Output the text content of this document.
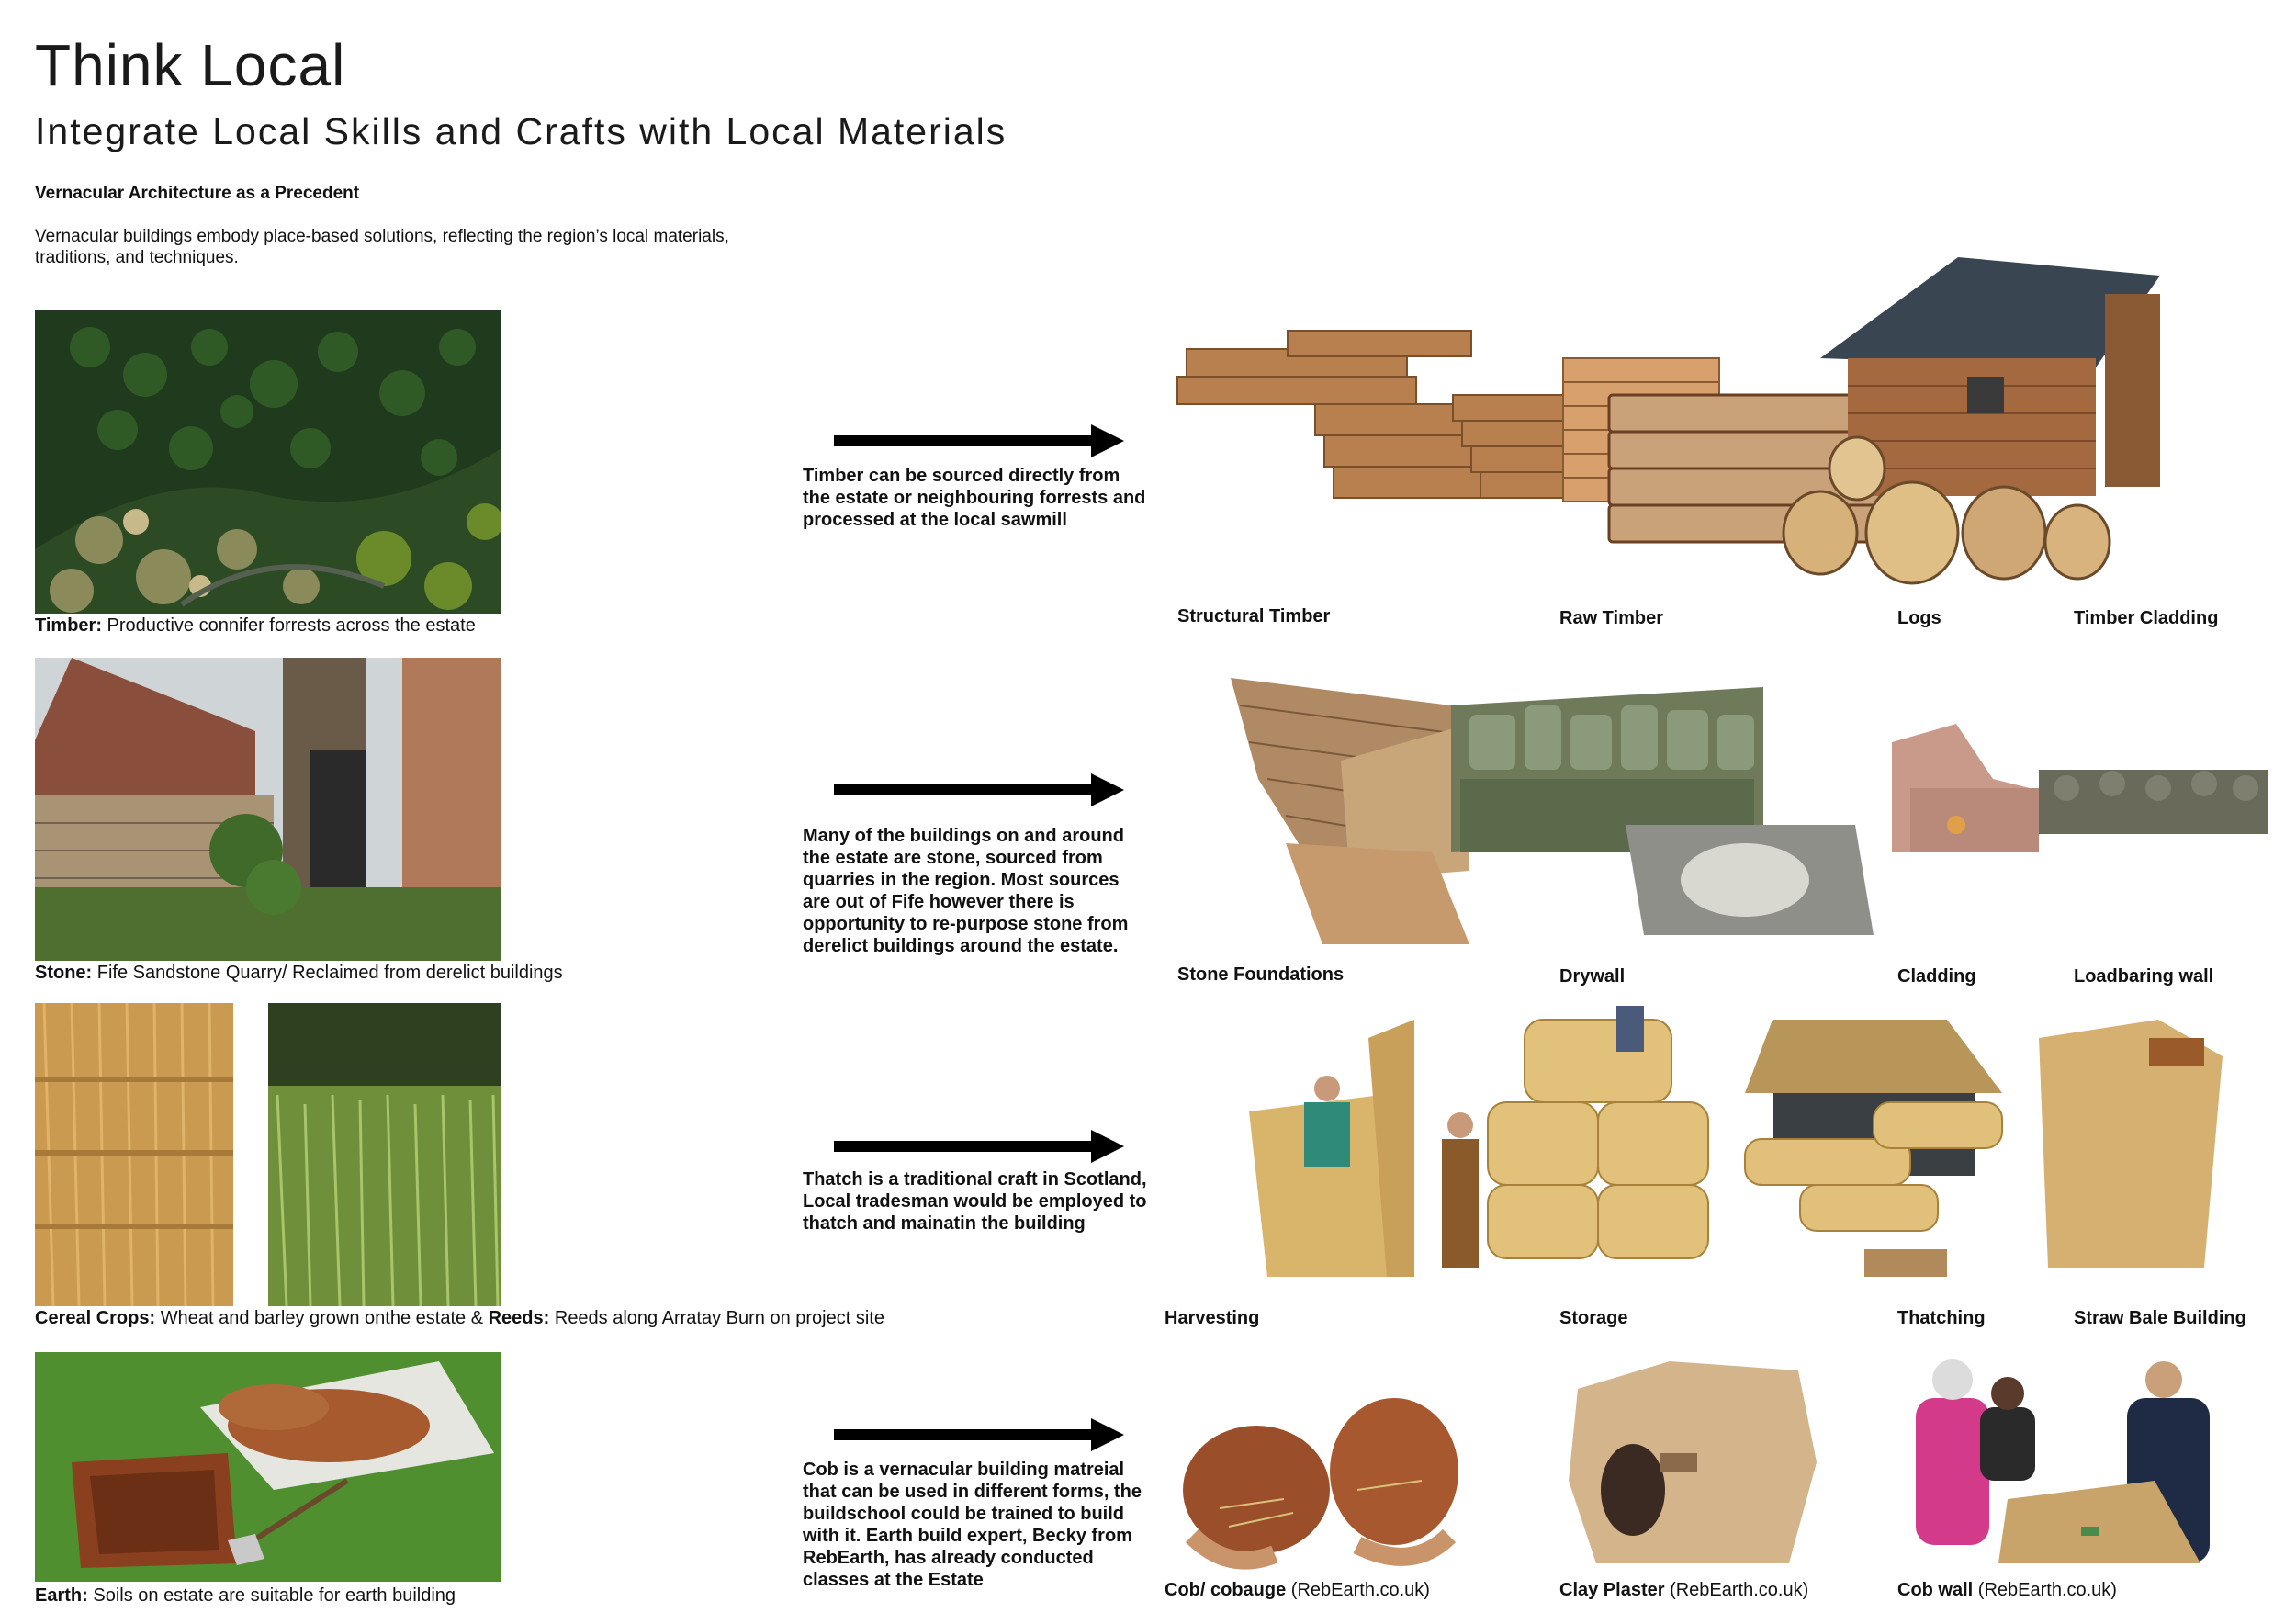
Think Local
Integrate Local Skills and Crafts with Local Materials
Vernacular Architecture as a Precedent
Vernacular buildings embody place-based solutions, reflecting the region’s local materials, traditions, and techniques.
Timber: Productive connifer forrests across the estate
Timber can be sourced directly from the estate or neighbouring forrests and processed at the local sawmill
Structural Timber	Raw Timber	Logs	Timber Cladding
Stone: Fife Sandstone Quarry/ Reclaimed from derelict buildings
Many of the buildings on and around the estate are stone, sourced from quarries in the region. Most sources are out of Fife however there is opportunity to re-purpose stone from derelict buildings around the estate.
Stone Foundations	Drywall	Cladding	Loadbaring wall
Cereal Crops: Wheat and barley grown onthe estate & Reeds: Reeds along Arratay Burn on project site
Thatch is a traditional craft in Scotland, Local tradesman would be employed to thatch and mainatin the building
Harvesting	Storage	Thatching	Straw Bale Building
Earth: Soils on estate are suitable for earth building
Cob is a vernacular building matreial that can be used in different forms, the buildschool could be trained to build with it. Earth build expert, Becky from RebEarth, has already conducted classes at the Estate	Cob/ cobauge (RebEarth.co.uk)	Clay Plaster (RebEarth.co.uk)	Cob wall (RebEarth.co.uk)
